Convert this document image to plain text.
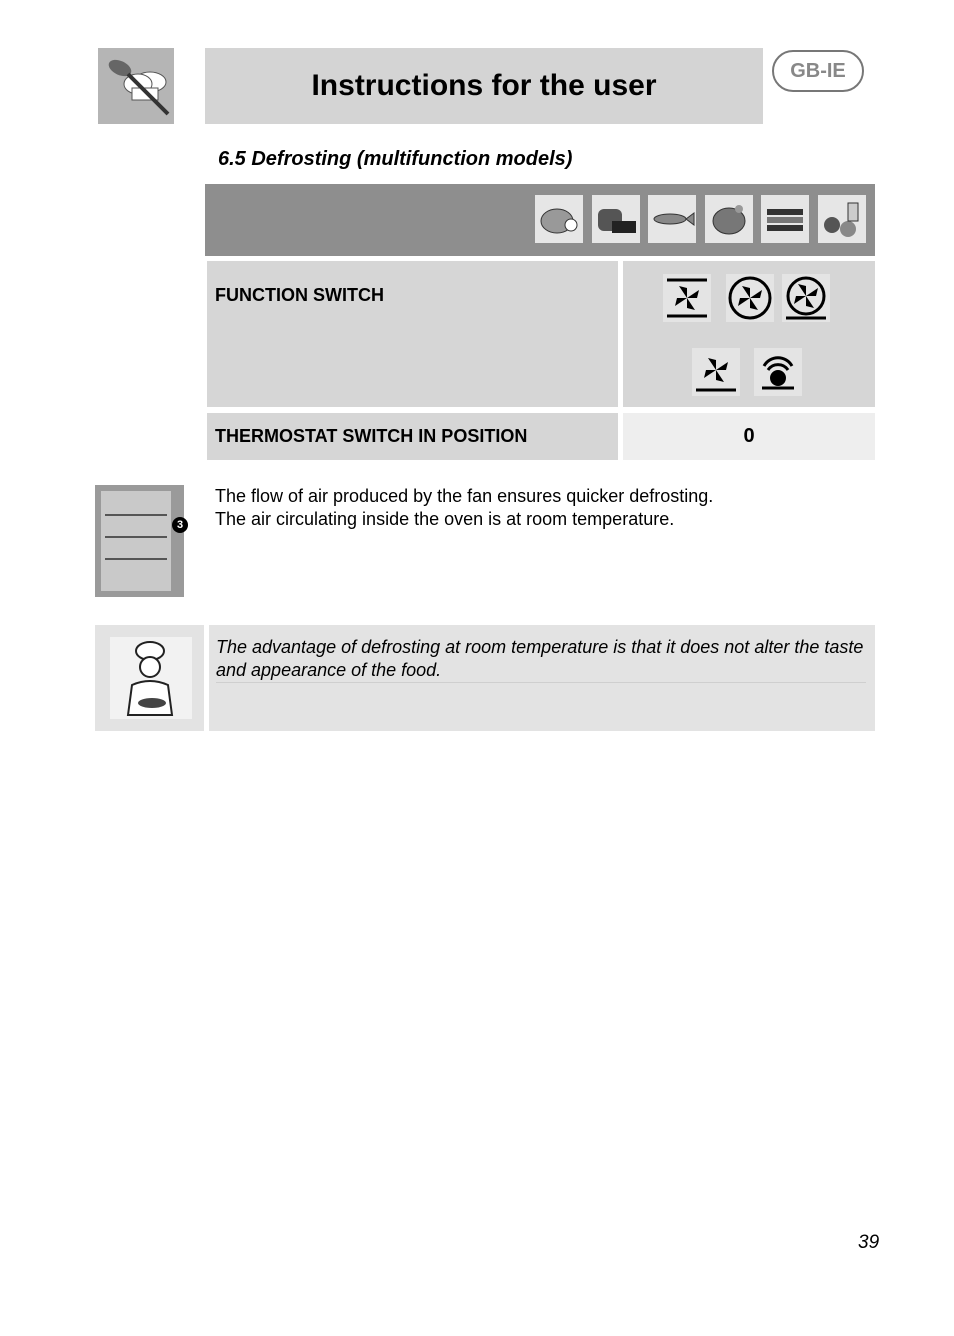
Instructions for the user	GB-IE
6.5 Defrosting (multifunction models)
FUNCTION SWITCH
THERMOSTAT SWITCH IN POSITION	0
3
The flow of air produced by the fan ensures quicker defrosting.
The air circulating inside the oven is at room temperature.
The advantage of defrosting at room temperature is that it does not alter the taste and appearance of the food.
39
